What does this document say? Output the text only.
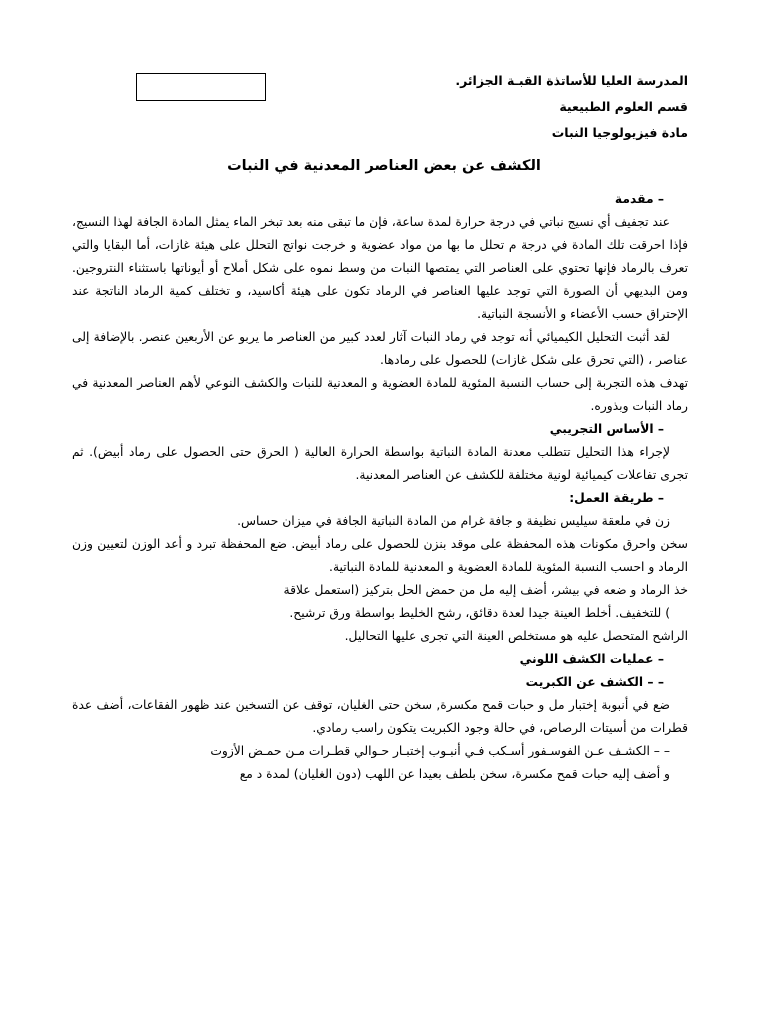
المدرسة العليا للأساتذة القبـة الجزائر.
قسم العلوم الطبيعية
مادة فيزيولوجيا النبات
الكشف عن بعض العناصر المعدنية في النبات
– مقدمة

عند تجفيف أي نسيج نباتي في درجة حرارة لمدة ساعة، فإن ما تبقى منه بعد تبخر الماء يمثل المادة الجافة لهذا النسيج، فإذا احرقت تلك المادة في درجة م تحلل ما بها من مواد عضوية و خرجت نواتج التحلل على هيئة غازات، أما البقايا والتي تعرف بالرماد فإنها تحتوي على العناصر التي يمتصها النبات من وسط نموه على شكل أملاح أو أيوناتها باستثناء النتروجين. ومن البديهي أن الصورة التي توجد عليها العناصر في الرماد تكون على هيئة أكاسيد، و تختلف كمية الرماد الناتجة عند الإحتراق حسب الأعضاء و الأنسجة النباتية.

لقد أثبت التحليل الكيميائي أنه توجد في رماد النبات آثار لعدد كبير من العناصر ما يربو عن الأربعين عنصر. بالإضافة إلى عناصر ، (التي تحرق على شكل غازات) للحصول على رمادها.

تهدف هذه التجربة إلى حساب النسبة المئوية للمادة العضوية و المعدنية للنبات والكشف النوعي لأهم العناصر المعدنية في رماد النبات وبذوره.

– الأساس التجريبي

لإجراء هذا التحليل تتطلب معدنة المادة النباتية بواسطة الحرارة العالية ( الحرق حتى الحصول على رماد أبيض). ثم تجرى تفاعلات كيميائية لونية مختلفة للكشف عن العناصر المعدنية.

– طريقة العمل:

زن في ملعقة سيليس نظيفة و جافة غرام من المادة النباتية الجافة في ميزان حساس.

سخن واحرق مكونات هذه المحفظة على موقد بنزن للحصول على رماد أبيض. ضع المحفظة تبرد و أعد الوزن لتعيين وزن الرماد و احسب النسبة المئوية للمادة العضوية و المعدنية للمادة النباتية.

خذ الرماد و ضعه في بيشر، أضف إليه مل من حمض الحل بتركيز (استعمل علاقة

) للتخفيف. أخلط العينة جيدا لعدة دقائق، رشح الخليط بواسطة ورق ترشيح.

الراشح المتحصل عليه هو مستخلص العينة التي تجرى عليها التحاليل.

– عمليات الكشف اللوني
– – الكشف عن الكبريت

ضع في أنبوبة إختبار مل و حبات قمح مكسرة, سخن حتى الغليان، توقف عن التسخين عند ظهور الفقاعات، أضف عدة قطرات من أسيتات الرصاص، في حالة وجود الكبريت يتكون راسب رمادي.

– – الكشـف عـن الفوسـفور أسـكب فـي أنبـوب إختبـار حـوالي قطـرات مـن حمـض الأزوت

و أضف إليه حبات قمح مكسرة، سخن بلطف بعيدا عن اللهب (دون الغليان) لمدة د مع
